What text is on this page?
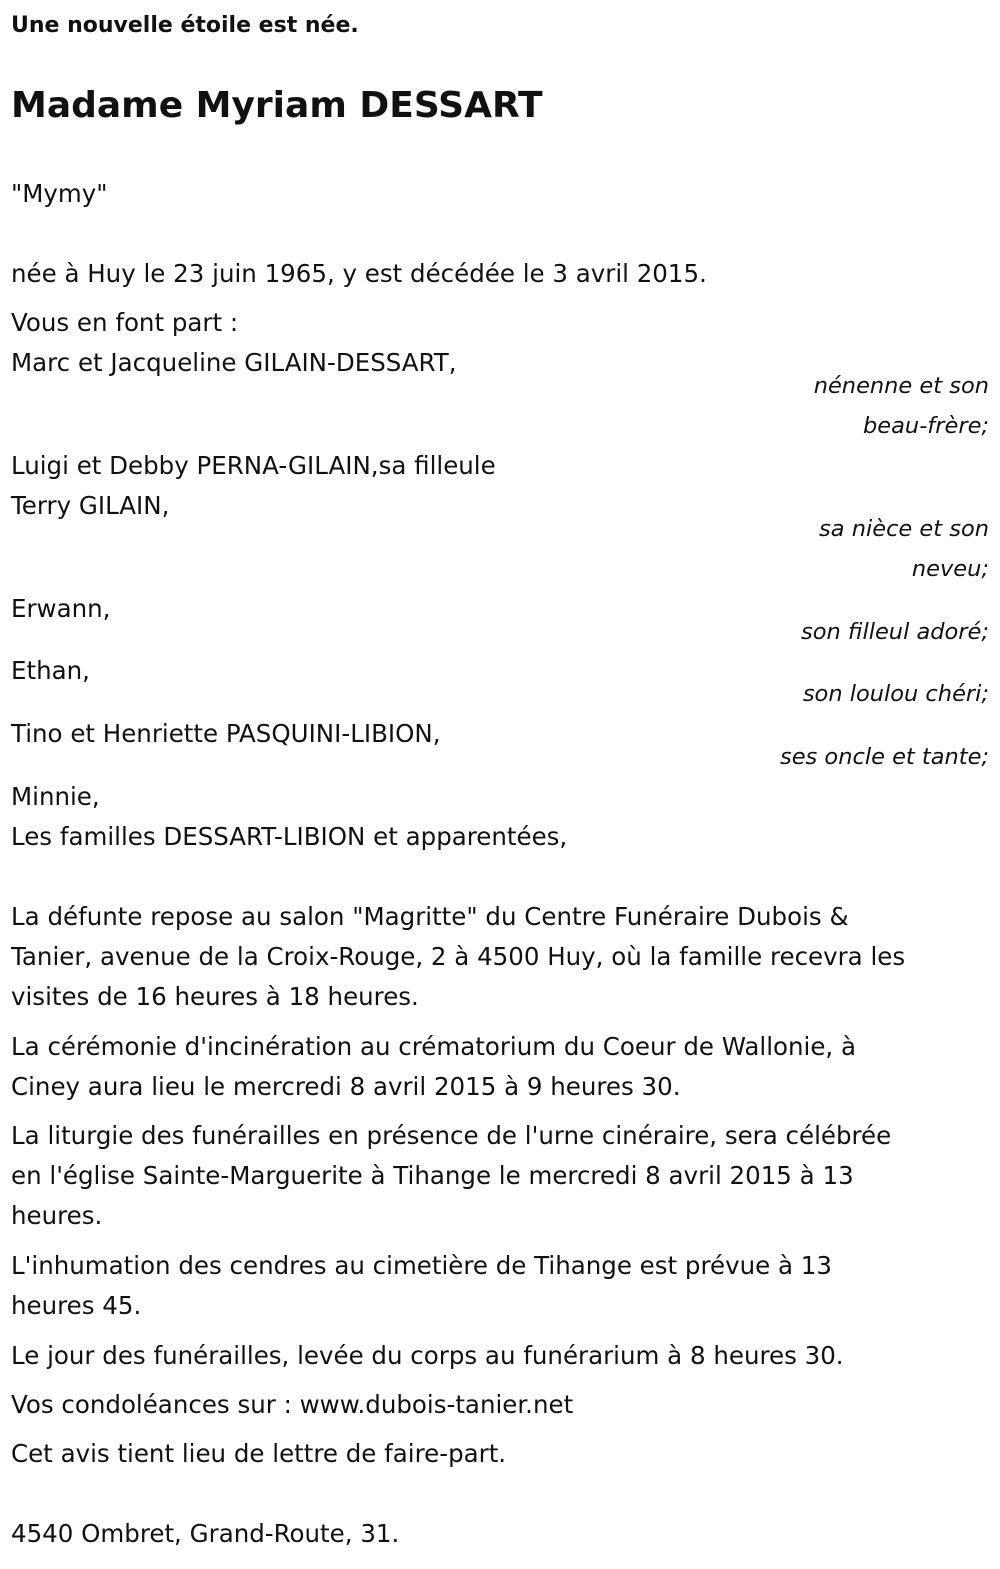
Une nouvelle étoile est née.

Madame Myriam DESSART

"Mymy"

née à Huy le 23 juin 1965, y est décédée le 3 avril 2015.

Vous en font part :

Marc et Jacqueline GILAIN-DESSART,

nénenne et son

beau-frère;

Luigi et Debby PERNA-GILAIN,sa filleule

Terry GILAIN,

sa nièce et son

neveu;

Erwann,

son filleul adoré;

Ethan,

son loulou chéri;

Tino et Henriette PASQUINI-LIBION,

ses oncle et tante;

Minnie,

Les familles DESSART-LIBION et apparentées,

La défunte repose au salon "Magritte" du Centre Funéraire Dubois &

Tanier, avenue de la Croix-Rouge, 2 à 4500 Huy, où la famille recevra les

visites de 16 heures à 18 heures.

La cérémonie d'incinération au crématorium du Coeur de Wallonie, à

Ciney aura lieu le mercredi 8 avril 2015 à 9 heures 30.

La liturgie des funérailles en présence de l'urne cinéraire, sera célébrée

en l'église Sainte-Marguerite à Tihange le mercredi 8 avril 2015 à 13

heures.

L'inhumation des cendres au cimetière de Tihange est prévue à 13

heures 45.

Le jour des funérailles, levée du corps au funérarium à 8 heures 30.

Vos condoléances sur : www.dubois-tanier.net

Cet avis tient lieu de lettre de faire-part.

4540 Ombret, Grand-Route, 31.
